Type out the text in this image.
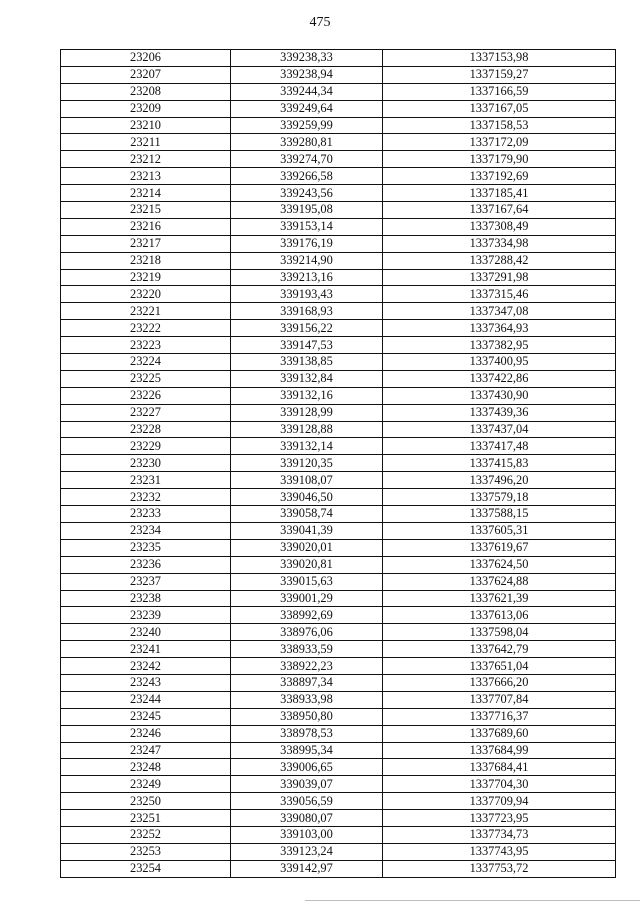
475
23206	339238,33	1337153,98
23207	339238,94	1337159,27
23208	339244,34	1337166,59
23209	339249,64	1337167,05
23210	339259,99	1337158,53
23211	339280,81	1337172,09
23212	339274,70	1337179,90
23213	339266,58	1337192,69
23214	339243,56	1337185,41
23215	339195,08	1337167,64
23216	339153,14	1337308,49
23217	339176,19	1337334,98
23218	339214,90	1337288,42
23219	339213,16	1337291,98
23220	339193,43	1337315,46
23221	339168,93	1337347,08
23222	339156,22	1337364,93
23223	339147,53	1337382,95
23224	339138,85	1337400,95
23225	339132,84	1337422,86
23226	339132,16	1337430,90
23227	339128,99	1337439,36
23228	339128,88	1337437,04
23229	339132,14	1337417,48
23230	339120,35	1337415,83
23231	339108,07	1337496,20
23232	339046,50	1337579,18
23233	339058,74	1337588,15
23234	339041,39	1337605,31
23235	339020,01	1337619,67
23236	339020,81	1337624,50
23237	339015,63	1337624,88
23238	339001,29	1337621,39
23239	338992,69	1337613,06
23240	338976,06	1337598,04
23241	338933,59	1337642,79
23242	338922,23	1337651,04
23243	338897,34	1337666,20
23244	338933,98	1337707,84
23245	338950,80	1337716,37
23246	338978,53	1337689,60
23247	338995,34	1337684,99
23248	339006,65	1337684,41
23249	339039,07	1337704,30
23250	339056,59	1337709,94
23251	339080,07	1337723,95
23252	339103,00	1337734,73
23253	339123,24	1337743,95
23254	339142,97	1337753,72
